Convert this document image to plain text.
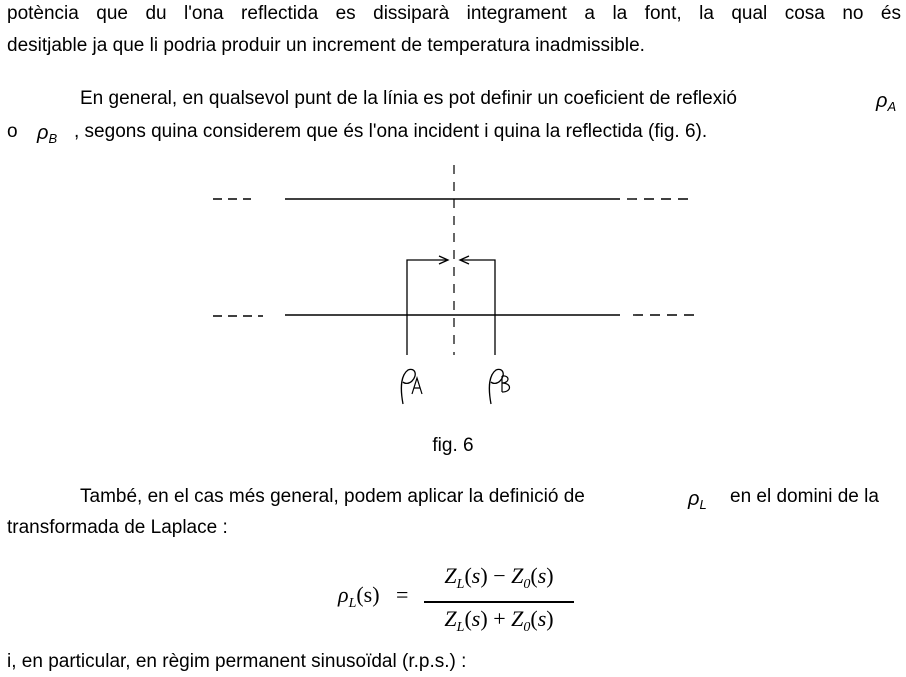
potència que du l'ona reflectida es dissiparà integrament a la font, la qual cosa no és
desitjable ja que li podria produir un increment de temperatura inadmissible.
En general, en qualsevol punt de la línia es pot definir un coeficient de reflexió	$\rho_A$
o $\rho_B$ , segons quina considerem que és l'ona incident i quina la reflectida (fig. 6).
fig. 6
També, en el cas més general, podem aplicar la definició de	$\rho_L$ en el domini de la
transformada de Laplace :
$\rho_L(s)$ =
$Z_L(s) - Z_0(s)$
$Z_L(s) + Z_0(s)$
i, en particular, en règim permanent sinusoïdal (r.p.s.) :
